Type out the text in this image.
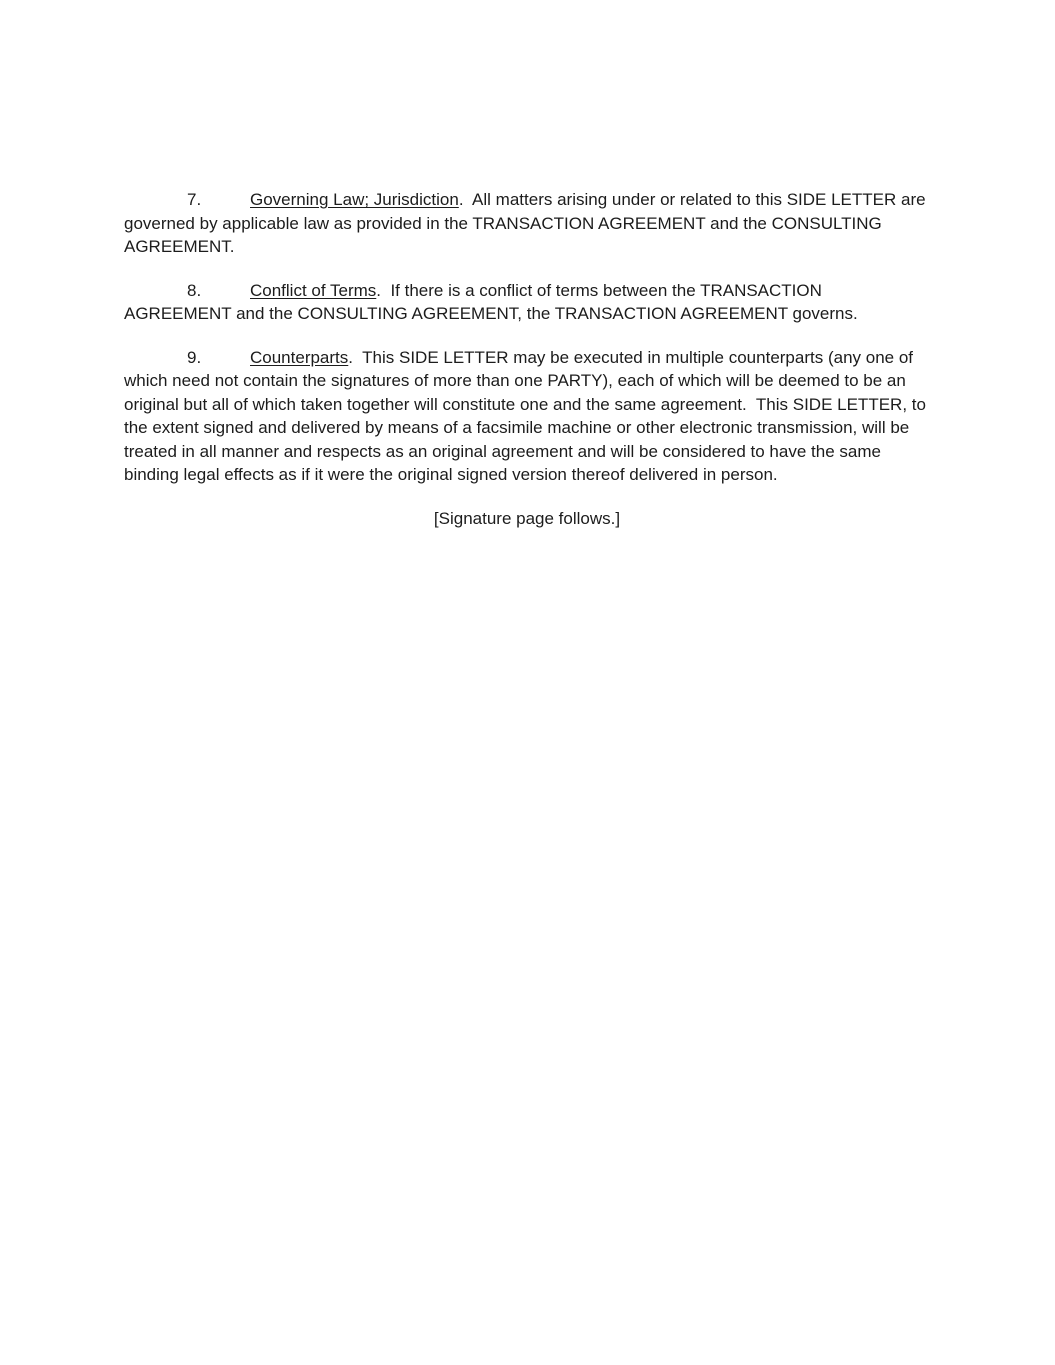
7.	Governing Law; Jurisdiction.  All matters arising under or related to this SIDE LETTER are governed by applicable law as provided in the TRANSACTION AGREEMENT and the CONSULTING AGREEMENT.

8.	Conflict of Terms.  If there is a conflict of terms between the TRANSACTION AGREEMENT and the CONSULTING AGREEMENT, the TRANSACTION AGREEMENT governs.

9.	Counterparts.  This SIDE LETTER may be executed in multiple counterparts (any one of which need not contain the signatures of more than one PARTY), each of which will be deemed to be an original but all of which taken together will constitute one and the same agreement.  This SIDE LETTER, to the extent signed and delivered by means of a facsimile machine or other electronic transmission, will be treated in all manner and respects as an original agreement and will be considered to have the same binding legal effects as if it were the original signed version thereof delivered in person.

[Signature page follows.]
